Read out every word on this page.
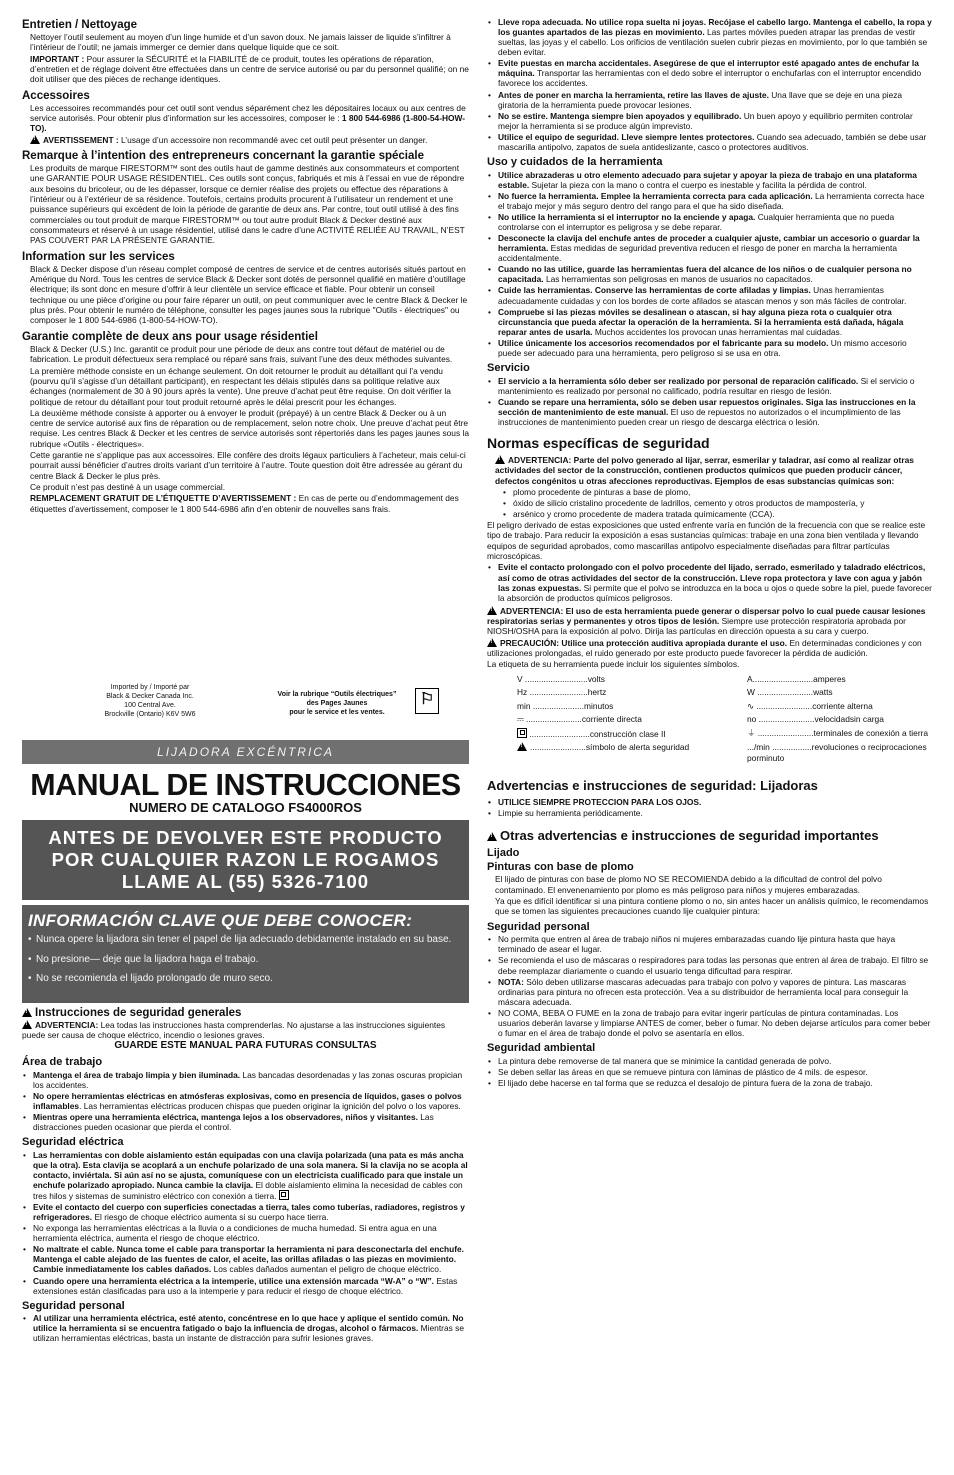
Entretien / Nettoyage

Nettoyer l’outil seulement au moyen d’un linge humide et d’un savon doux. Ne jamais laisser de liquide s’infiltrer à l’intérieur de l’outil; ne jamais immerger ce dernier dans quelque liquide que ce soit.

IMPORTANT : Pour assurer la SÉCURITÉ et la FIABILITÉ de ce produit, toutes les opérations de réparation, d’entretien et de réglage doivent être effectuées dans un centre de service autorisé ou par du personnel qualifié; on ne doit utiliser que des pièces de rechange identiques.

Accessoires

Les accessoires recommandés pour cet outil sont vendus séparément chez les dépositaires locaux ou aux centres de service autorisés. Pour obtenir plus d’information sur les accessoires, composer le : 1 800 544-6986 (1-800-54-HOW-TO).

!AVERTISSEMENT : L’usage d’un accessoire non recommandé avec cet outil peut présenter un danger.

Remarque à l’intention des entrepreneurs concernant la garantie spéciale

Les produits de marque FIRESTORM™ sont des outils haut de gamme destinés aux consommateurs et comportent une GARANTIE POUR USAGE RÉSIDENTIEL. Ces outils sont conçus, fabriqués et mis à l’essai en vue de répondre aux besoins du bricoleur, ou de les dépasser, lorsque ce dernier réalise des projets ou effectue des réparations à l’intérieur ou à l’extérieur de sa résidence. Toutefois, certains produits procurent à l’utilisateur un rendement et une puissance supérieurs qui excèdent de loin la période de garantie de deux ans. Par contre, tout outil utilisé à des fins commerciales ou tout produit de marque FIRESTORM™ ou tout autre produit Black & Decker destiné aux consommateurs et réservé à un usage résidentiel, utilisé dans le cadre d’une ACTIVITÉ RELIÉE AU TRAVAIL, N’EST PAS COUVERT PAR LA PRÉSENTE GARANTIE.

Information sur les services

Black & Decker dispose d’un réseau complet composé de centres de service et de centres autorisés situés partout en Amérique du Nord. Tous les centres de service Black & Decker sont dotés de personnel qualifié en matière d’outillage électrique; ils sont donc en mesure d’offrir à leur clientèle un service efficace et fiable. Pour obtenir un conseil technique ou une pièce d’origine ou pour faire réparer un outil, on peut communiquer avec le centre Black & Decker le plus près. Pour obtenir le numéro de téléphone, consulter les pages jaunes sous la rubrique "Outils - électriques" ou composer le 1 800 544-6986 (1-800-54-HOW-TO).

Garantie complète de deux ans pour usage résidentiel

Black & Decker (U.S.) Inc. garantit ce produit pour une période de deux ans contre tout défaut de matériel ou de fabrication. Le produit défectueux sera remplacé ou réparé sans frais, suivant l’une des deux méthodes suivantes.

La première méthode consiste en un échange seulement. On doit retourner le produit au détaillant qui l’a vendu (pourvu qu’il s’agisse d’un détaillant participant), en respectant les délais stipulés dans sa politique relative aux échanges (normalement de 30 à 90 jours après la vente). Une preuve d’achat peut être requise. On doit vérifier la politique de retour du détaillant pour tout produit retourné après le délai prescrit pour les échanges.

La deuxième méthode consiste à apporter ou à envoyer le produit (prépayé) à un centre Black & Decker ou à un centre de service autorisé aux fins de réparation ou de remplacement, selon notre choix. Une preuve d’achat peut être requise. Les centres Black & Decker et les centres de service autorisés sont répertoriés dans les pages jaunes sous la rubrique «Outils - électriques».

Cette garantie ne s’applique pas aux accessoires. Elle confère des droits légaux particuliers à l’acheteur, mais celui-ci pourrait aussi bénéficier d’autres droits variant d’un territoire à l’autre. Toute question doit être adressée au gérant du centre Black & Decker le plus près.

Ce produit n’est pas destiné à un usage commercial.

REMPLACEMENT GRATUIT DE L’ÉTIQUETTE D’AVERTISSEMENT : En cas de perte ou d’endommagement des étiquettes d’avertissement, composer le 1 800 544-6986 afin d’en obtenir de nouvelles sans frais.

Imported by / Importé par
Black & Decker Canada Inc.
100 Central Ave.
Brockville (Ontario) K6V 5W6
Voir la rubrique “Outils électriques”
des Pages Jaunes
pour le service et les ventes.
⚐
LIJADORA EXCÉNTRICA
MANUAL DE INSTRUCCIONES
NUMERO DE CATALOGO FS4000ROS
ANTES DE DEVOLVER ESTE PRODUCTO POR CUALQUIER RAZON LE ROGAMOS LLAME AL (55) 5326-7100
INFORMACIÓN CLAVE QUE DEBE CONOCER:
• Nunca opere la lijadora sin tener el papel de lija adecuado debidamente instalado en su base.
• No presione— deje que la lijadora haga el trabajo.
• No se recomienda el lijado prolongado de muro seco.
!Instrucciones de seguridad generales

!ADVERTENCIA: Lea todas las instrucciones hasta comprenderlas. No ajustarse a las instrucciones siguientes puede ser causa de choque eléctrico, incendio o lesiones graves.

GUARDE ESTE MANUAL PARA FUTURAS CONSULTAS

Área de trabajo
• Mantenga el área de trabajo limpia y bien iluminada. Las bancadas desordenadas y las zonas oscuras propician los accidentes.
• No opere herramientas eléctricas en atmósferas explosivas, como en presencia de líquidos, gases o polvos inflamables. Las herramientas eléctricas producen chispas que pueden originar la ignición del polvo o los vapores.
• Mientras opere una herramienta eléctrica, mantenga lejos a los observadores, niños y visitantes. Las distracciones pueden ocasionar que pierda el control.
Seguridad eléctrica
• Las herramientas con doble aislamiento están equipadas con una clavija polarizada (una pata es más ancha que la otra). Esta clavija se acoplará a un enchufe polarizado de una sola manera. Si la clavija no se acopla al contacto, inviértala. Si aún así no se ajusta, comuníquese con un electricista cualificado para que instale un enchufe polarizado apropiado. Nunca cambie la clavija. El doble aislamiento elimina la necesidad de cables con tres hilos y sistemas de suministro eléctrico con conexión a tierra.
• Evite el contacto del cuerpo con superficies conectadas a tierra, tales como tuberías, radiadores, registros y refrigeradores. El riesgo de choque eléctrico aumenta si su cuerpo hace tierra.
• No exponga las herramientas eléctricas a la lluvia o a condiciones de mucha humedad. Si entra agua en una herramienta eléctrica, aumenta el riesgo de choque eléctrico.
• No maltrate el cable. Nunca tome el cable para transportar la herramienta ni para desconectarla del enchufe. Mantenga el cable alejado de las fuentes de calor, el aceite, las orillas afiladas o las piezas en movimiento. Cambie inmediatamente los cables dañados. Los cables dañados aumentan el peligro de choque eléctrico.
• Cuando opere una herramienta eléctrica a la intemperie, utilice una extensión marcada “W-A” o “W”. Estas extensiones están clasificadas para uso a la intemperie y para reducir el riesgo de choque eléctrico.
Seguridad personal
• Al utilizar una herramienta eléctrica, esté atento, concéntrese en lo que hace y aplique el sentido común. No utilice la herramienta si se encuentra fatigado o bajo la influencia de drogas, alcohol o fármacos. Mientras se utilizan herramientas eléctricas, basta un instante de distracción para sufrir lesiones graves.
• Lleve ropa adecuada. No utilice ropa suelta ni joyas. Recójase el cabello largo. Mantenga el cabello, la ropa y los guantes apartados de las piezas en movimiento. Las partes móviles pueden atrapar las prendas de vestir sueltas, las joyas y el cabello. Los orificios de ventilación suelen cubrir piezas en movimiento, por lo que también se deben evitar.
• Evite puestas en marcha accidentales. Asegúrese de que el interruptor esté apagado antes de enchufar la máquina. Transportar las herramientas con el dedo sobre el interruptor o enchufarlas con el interruptor encendido favorece los accidentes.
• Antes de poner en marcha la herramienta, retire las llaves de ajuste. Una llave que se deje en una pieza giratoria de la herramienta puede provocar lesiones.
• No se estire. Mantenga siempre bien apoyados y equilibrado. Un buen apoyo y equilibrio permiten controlar mejor la herramienta si se produce algún imprevisto.
• Utilice el equipo de seguridad. Lleve siempre lentes protectores. Cuando sea adecuado, también se debe usar mascarilla antipolvo, zapatos de suela antideslizante, casco o protectores auditivos.
Uso y cuidados de la herramienta
• Utilice abrazaderas u otro elemento adecuado para sujetar y apoyar la pieza de trabajo en una plataforma estable. Sujetar la pieza con la mano o contra el cuerpo es inestable y facilita la pérdida de control.
• No fuerce la herramienta. Emplee la herramienta correcta para cada aplicación. La herramienta correcta hace el trabajo mejor y más seguro dentro del rango para el que ha sido diseñada.
• No utilice la herramienta si el interruptor no la enciende y apaga. Cualquier herramienta que no pueda controlarse con el interruptor es peligrosa y se debe reparar.
• Desconecte la clavija del enchufe antes de proceder a cualquier ajuste, cambiar un accesorio o guardar la herramienta. Estas medidas de seguridad preventiva reducen el riesgo de poner en marcha la herramienta accidentalmente.
• Cuando no las utilice, guarde las herramientas fuera del alcance de los niños o de cualquier persona no capacitada. Las herramientas son peligrosas en manos de usuarios no capacitados.
• Cuide las herramientas. Conserve las herramientas de corte afiladas y limpias. Unas herramientas adecuadamente cuidadas y con los bordes de corte afilados se atascan menos y son más fáciles de controlar.
• Compruebe si las piezas móviles se desalinean o atascan, si hay alguna pieza rota o cualquier otra circunstancia que pueda afectar la operación de la herramienta. Si la herramienta está dañada, hágala reparar antes de usarla. Muchos accidentes los provocan unas herramientas mal cuidadas.
• Utilice únicamente los accesorios recomendados por el fabricante para su modelo. Un mismo accesorio puede ser adecuado para una herramienta, pero peligroso si se usa en otra.
Servicio
• El servicio a la herramienta sólo deber ser realizado por personal de reparación calificado. Si el servicio o mantenimiento es realizado por personal no calificado, podría resultar en riesgo de lesión.
• Cuando se repare una herramienta, sólo se deben usar repuestos originales. Siga las instrucciones en la sección de mantenimiento de este manual. El uso de repuestos no autorizados o el incumplimiento de las instrucciones de mantenimiento pueden crear un riesgo de descarga eléctrica o lesión.
Normas específicas de seguridad

!ADVERTENCIA: Parte del polvo generado al lijar, serrar, esmerilar y taladrar, así como al realizar otras actividades del sector de la construcción, contienen productos químicos que pueden producir cáncer, defectos congénitos u otras afecciones reproductivas. Ejemplos de esas substancias químicas son:

• plomo procedente de pinturas a base de plomo,
• óxido de silicio cristalino procedente de ladrillos, cemento y otros productos de mampostería, y
• arsénico y cromo procedente de madera tratada químicamente (CCA).

El peligro derivado de estas exposiciones que usted enfrente varía en función de la frecuencia con que se realice este tipo de trabajo. Para reducir la exposición a esas sustancias químicas: trabaje en una zona bien ventilada y llevando equipos de seguridad aprobados, como mascarillas antipolvo especialmente diseñadas para filtrar partículas microscópicas.

• Evite el contacto prolongado con el polvo procedente del lijado, serrado, esmerilado y taladrado eléctricos, así como de otras actividades del sector de la construcción. Lleve ropa protectora y lave con agua y jabón las zonas expuestas. Si permite que el polvo se introduzca en la boca u ojos o quede sobre la piel, puede favorecer la absorción de productos químicos peligrosos.

!ADVERTENCIA: El uso de esta herramienta puede generar o dispersar polvo lo cual puede causar lesiones respiratorias serias y permanentes y otros tipos de lesión. Siempre use protección respiratoria aprobada por NIOSH/OSHA para la exposición al polvo. Dirija las partículas en dirección opuesta a su cara y cuerpo.

!PRECAUCIÓN: Utilice una protección auditiva apropiada durante el uso. En determinadas condiciones y con utilizaciones prolongadas, el ruido generado por este producto puede favorecer la pérdida de audición.

La etiqueta de su herramienta puede incluir los siguientes símbolos.

V ...........................volts	A..........................amperes
Hz .........................hertz	W ........................watts
min ......................minutos	∿ ........................corriente alterna
⎓ ........................corriente directa	no ........................velocidadsin carga
..........................construcción clase II	⏚ ........................terminales de conexión a tierra
!........................símbolo de alerta seguridad	.../min .................revoluciones o reciprocaciones porminuto
Advertencias e instrucciones de seguridad: Lijadoras
• UTILICE SIEMPRE PROTECCION PARA LOS OJOS.
• Limpie su herramienta periódicamente.
!Otras advertencias e instrucciones de seguridad importantes
Lijado
Pinturas con base de plomo

El lijado de pinturas con base de plomo NO SE RECOMIENDA debido a la dificultad de control del polvo contaminado. El envenenamiento por plomo es más peligroso para niños y mujeres embarazadas.

Ya que es difícil identificar si una pintura contiene plomo o no, sin antes hacer un análisis químico, le recomendamos que se tomen las siguientes precauciones cuando lije cualquier pintura:

Seguridad personal
• No permita que entren al área de trabajo niños ni mujeres embarazadas cuando lije pintura hasta que haya terminado de asear el lugar.
• Se recomienda el uso de máscaras o respiradores para todas las personas que entren al área de trabajo. El filtro se debe reemplazar diariamente o cuando el usuario tenga dificultad para respirar.
• NOTA: Sólo deben utilizarse mascaras adecuadas para trabajo con polvo y vapores de pintura. Las mascaras ordinarias para pintura no ofrecen esta protección. Vea a su distribuidor de herramienta local para conseguir la máscara adecuada.
• NO COMA, BEBA O FUME en la zona de trabajo para evitar ingerir partículas de pintura contaminadas. Los usuarios deberán lavarse y limpiarse ANTES de comer, beber o fumar. No deben dejarse artículos para comer beber o fumar en el área de trabajo donde el polvo se asentaría en ellos.
Seguridad ambiental
• La pintura debe removerse de tal manera que se minimice la cantidad generada de polvo.
• Se deben sellar las áreas en que se remueve pintura con láminas de plástico de 4 mils. de espesor.
• El lijado debe hacerse en tal forma que se reduzca el desalojo de pintura fuera de la zona de trabajo.
